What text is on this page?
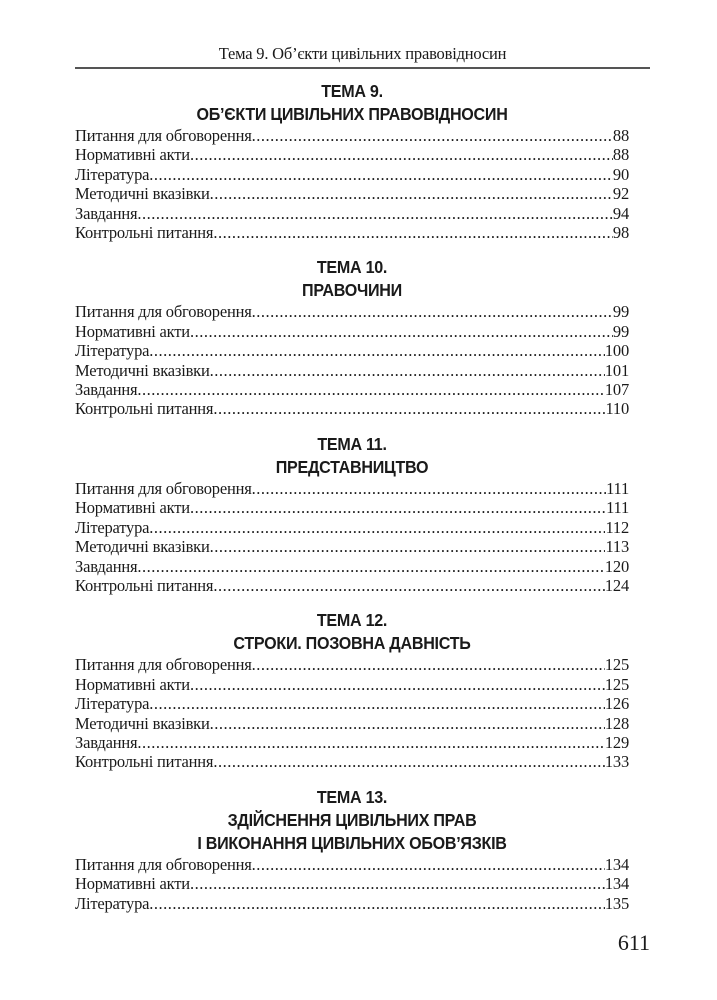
Тема 9. Об’єкти цивільних правовідносин
ТЕМА 9.
ОБ’ЄКТИ ЦИВІЛЬНИХ ПРАВОВІДНОСИН
Питання для обговорення .....	88
Нормативні акти .....	88
Література .....	90
Методичні вказівки .....	92
Завдання .....	94
Контрольні питання .....	98
ТЕМА 10.
ПРАВОЧИНИ
Питання для обговорення .....	99
Нормативні акти .....	99
Література .....	100
Методичні вказівки .....	101
Завдання .....	107
Контрольні питання .....	110
ТЕМА 11.
ПРЕДСТАВНИЦТВО
Питання для обговорення .....	111
Нормативні акти .....	111
Література .....	112
Методичні вказівки .....	113
Завдання .....	120
Контрольні питання .....	124
ТЕМА 12.
СТРОКИ. ПОЗОВНА ДАВНІСТЬ
Питання для обговорення .....	125
Нормативні акти .....	125
Література .....	126
Методичні вказівки .....	128
Завдання .....	129
Контрольні питання .....	133
ТЕМА 13.
ЗДІЙСНЕННЯ ЦИВІЛЬНИХ ПРАВ
І ВИКОНАННЯ ЦИВІЛЬНИХ ОБОВ’ЯЗКІВ
Питання для обговорення .....	134
Нормативні акти .....	134
Література .....	135
611
